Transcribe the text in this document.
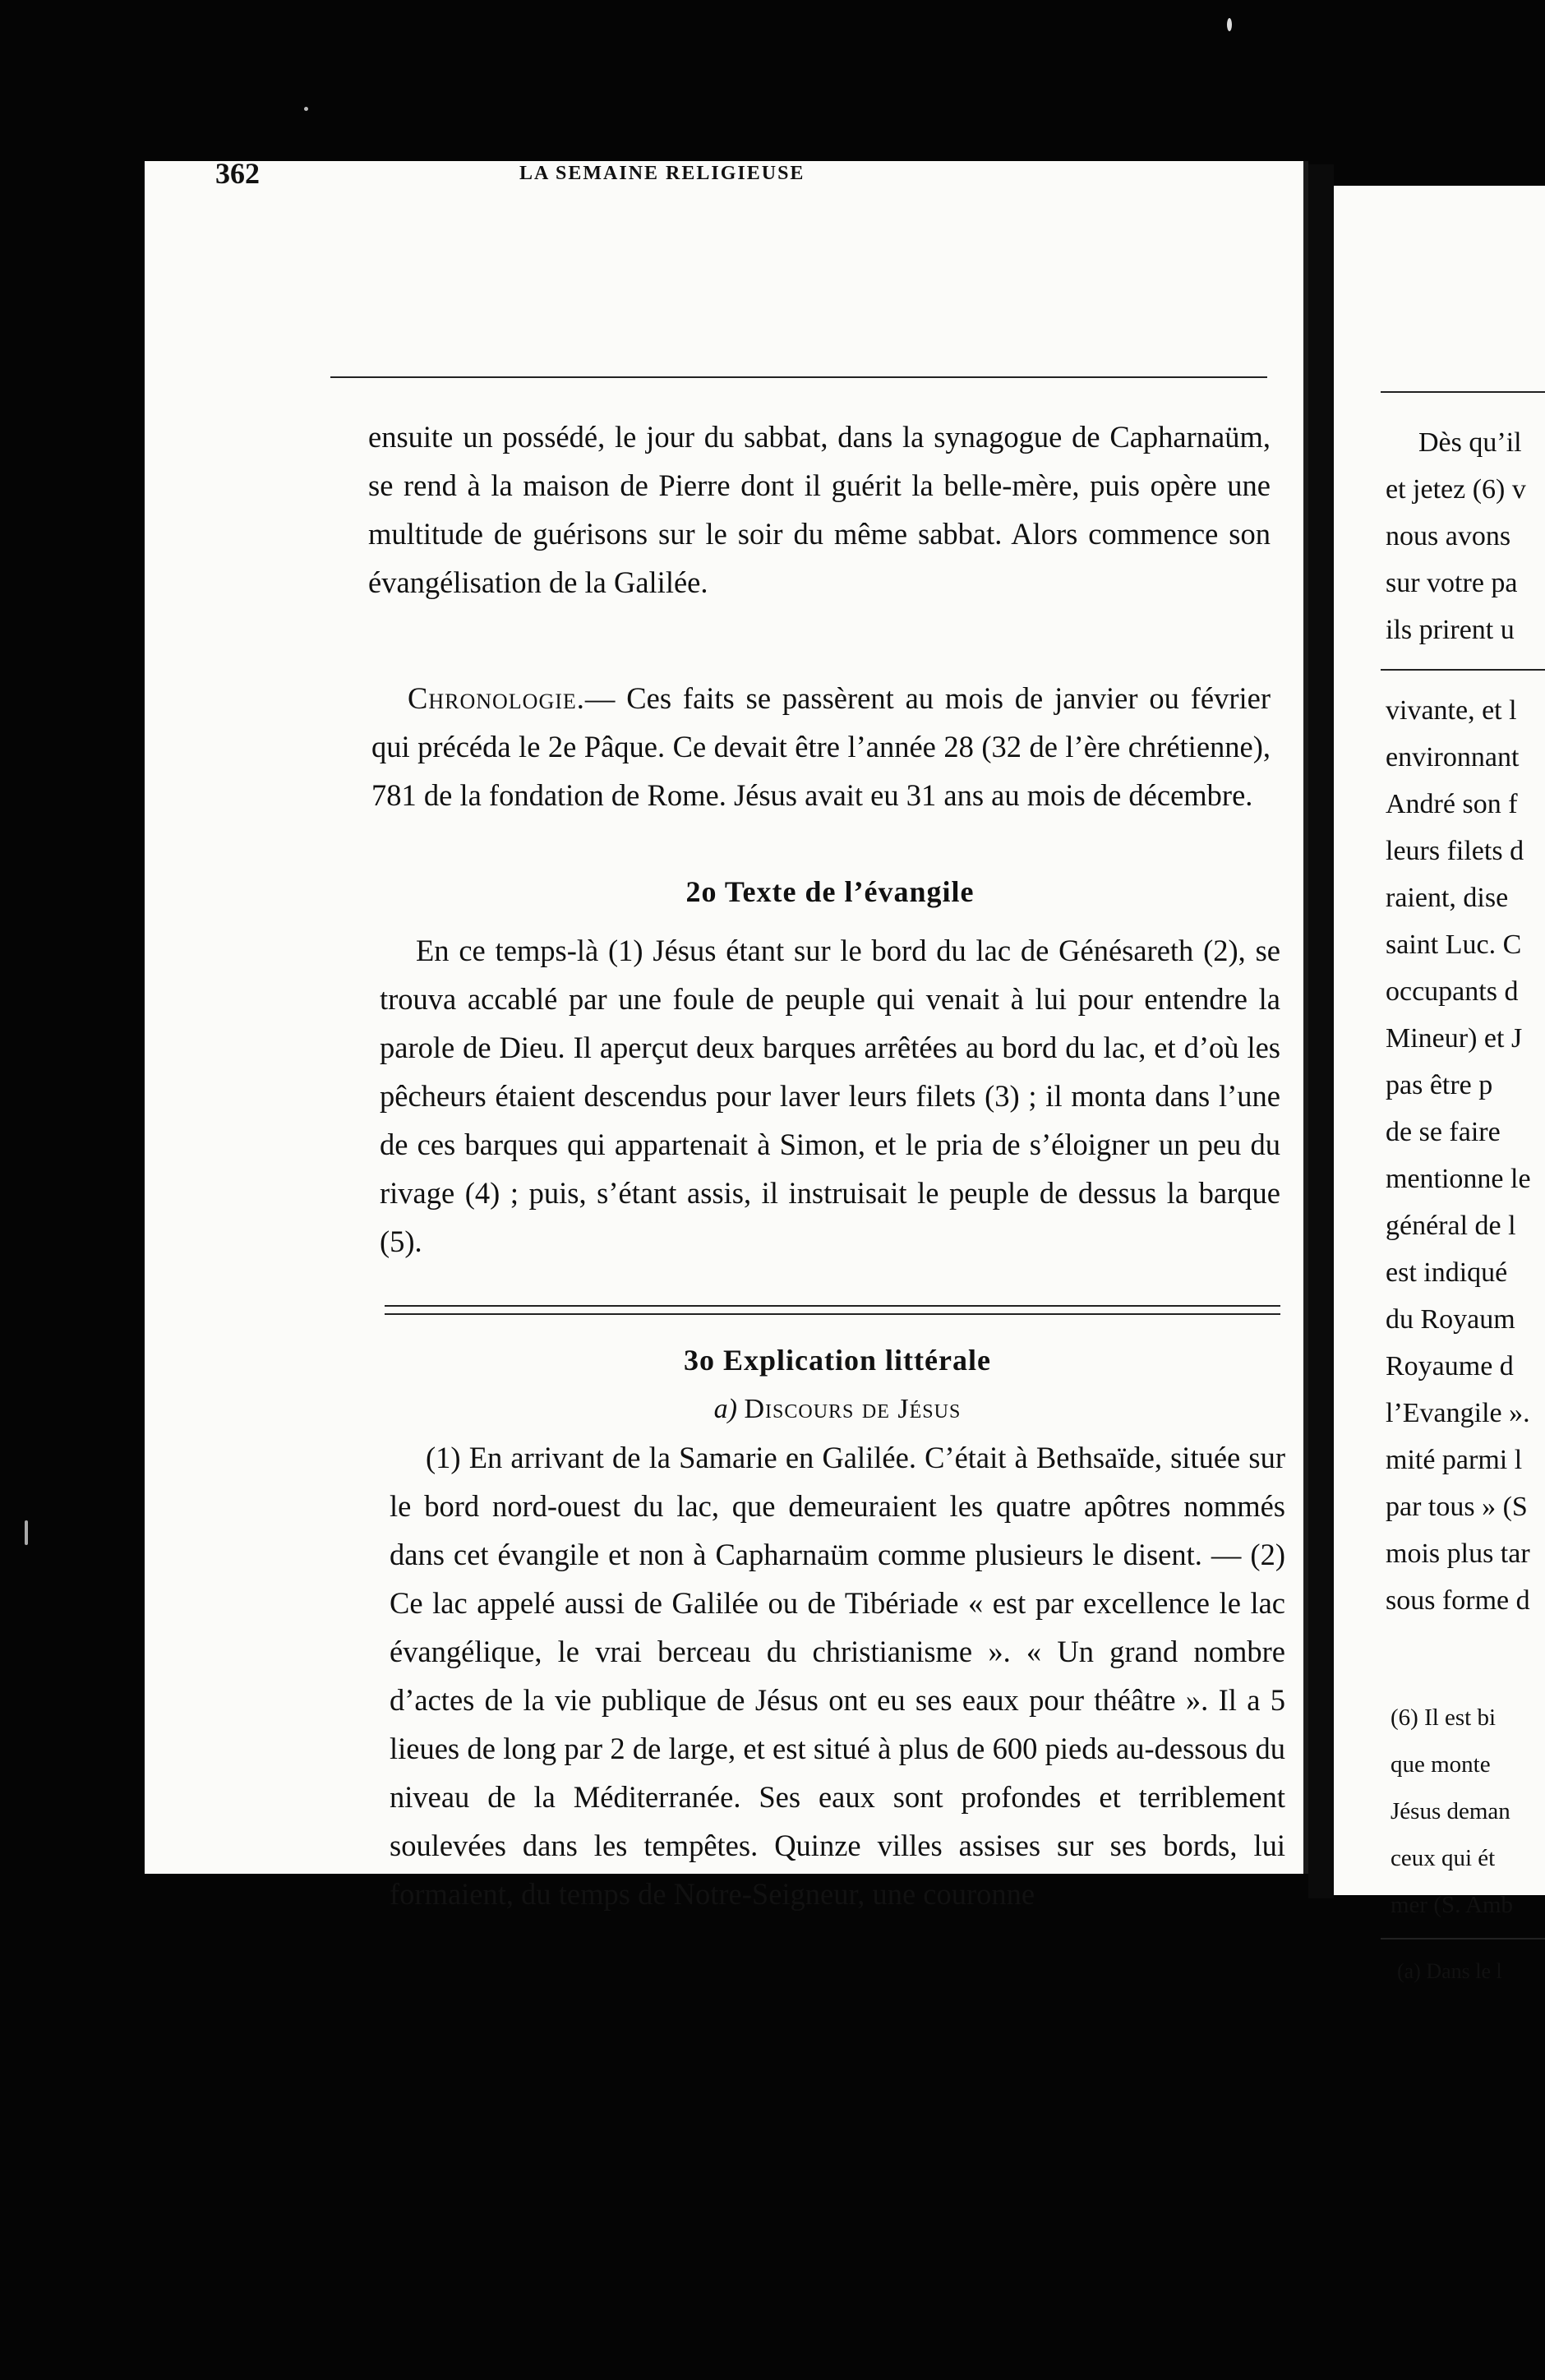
362	LA SEMAINE RELIGIEUSE

ensuite un possédé, le jour du sabbat, dans la synagogue de Capharnaüm, se rend à la maison de Pierre dont il guérit la belle-mère, puis opère une multitude de guérisons sur le soir du même sabbat. Alors commence son évangélisation de la Galilée.

Chronologie.— Ces faits se passèrent au mois de janvier ou février qui précéda le 2e Pâque. Ce devait être l’année 28 (32 de l’ère chrétienne), 781 de la fondation de Rome. Jésus avait eu 31 ans au mois de décembre.

2o Texte de l’évangile

En ce temps-là (1) Jésus étant sur le bord du lac de Génésareth (2), se trouva accablé par une foule de peuple qui venait à lui pour entendre la parole de Dieu. Il aperçut deux barques arrêtées au bord du lac, et d’où les pêcheurs étaient descendus pour laver leurs filets (3) ; il monta dans l’une de ces barques qui appartenait à Simon, et le pria de s’éloigner un peu du rivage (4) ; puis, s’étant assis, il instruisait le peuple de dessus la barque (5).

3o Explication littérale
a) Discours de Jésus

(1) En arrivant de la Samarie en Galilée. C’était à Bethsaïde, située sur le bord nord-ouest du lac, que demeuraient les quatre apôtres nommés dans cet évangile et non à Capharnaüm comme plusieurs le disent. — (2) Ce lac appelé aussi de Galilée ou de Tibériade « est par excellence le lac évangélique, le vrai berceau du christianisme ». « Un grand nombre d’actes de la vie publique de Jésus ont eu ses eaux pour théâtre ». Il a 5 lieues de long par 2 de large, et est situé à plus de 600 pieds au-dessous du niveau de la Méditerranée. Ses eaux sont profondes et terriblement soulevées dans les tempêtes. Quinze villes assises sur ses bords, lui formaient, du temps de Notre-Seigneur, une couronne

Dès qu’il
et jetez (6) v
nous avons
sur votre pa
ils prirent u
vivante, et l
environnant
André son f
leurs filets d
raient, dise
saint Luc. C
occupants d
Mineur) et J
pas être p
de se faire
mentionne le
général de l
est indiqué
du Royaum
Royaume d
l’Evangile ».
mité parmi l
par tous » (S
mois plus tar
sous forme d
(6) Il est bi
que monte
Jésus deman
ceux qui ét
mer (S. Amb
(a) Dans le l
